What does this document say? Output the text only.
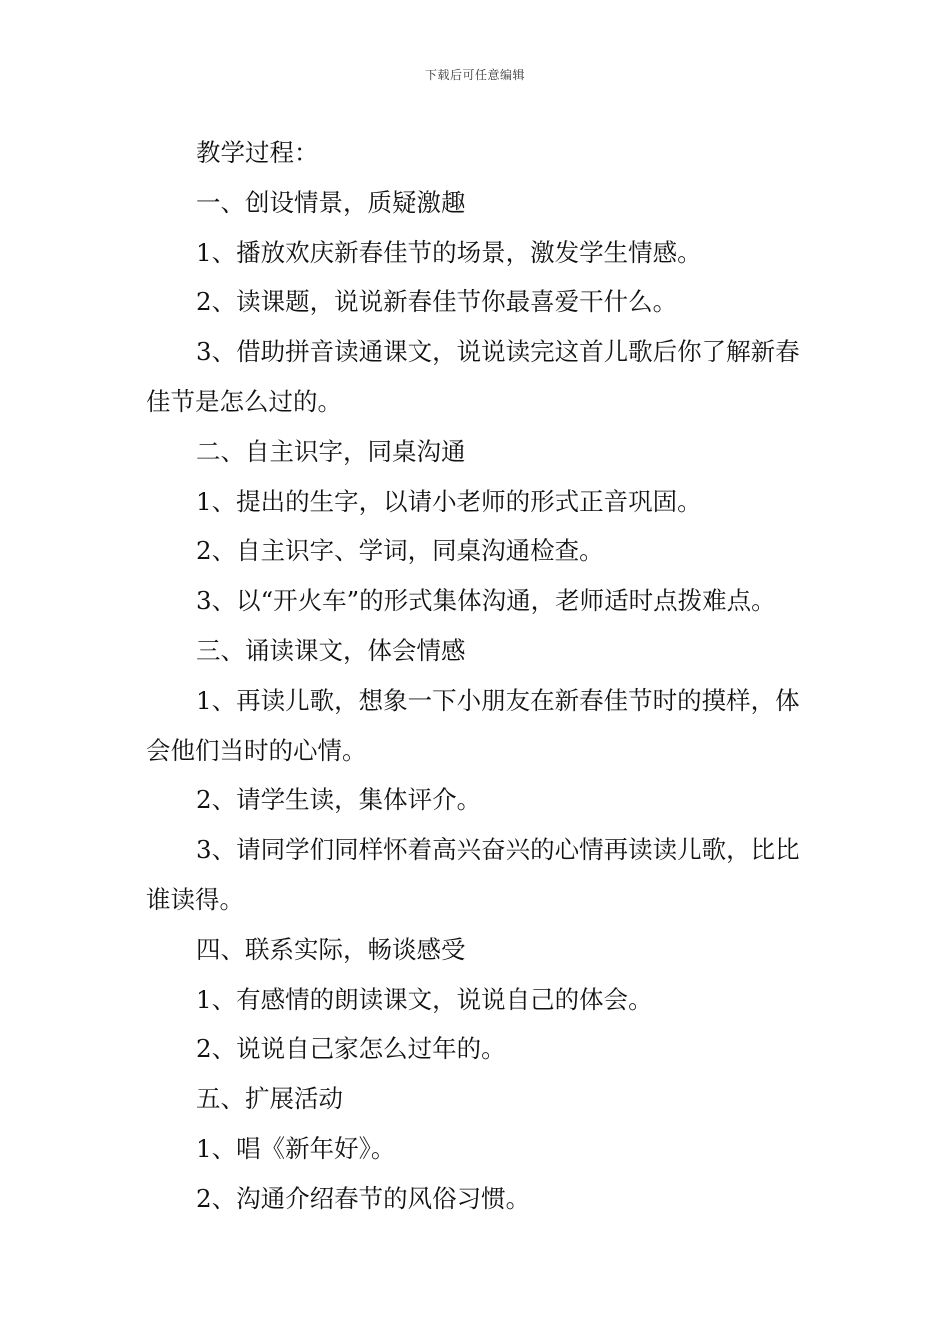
下载后可任意编辑

教学过程：

一、创设情景，质疑激趣

1、播放欢庆新春佳节的场景，激发学生情感。

2、读课题，说说新春佳节你最喜爱干什么。

3、借助拼音读通课文，说说读完这首儿歌后你了解新春佳节是怎么过的。

二、自主识字，同桌沟通

1、提出的生字，以请小老师的形式正音巩固。

2、自主识字、学词，同桌沟通检查。

3、以“开火车”的形式集体沟通，老师适时点拨难点。

三、诵读课文，体会情感

1、再读儿歌，想象一下小朋友在新春佳节时的摸样，体会他们当时的心情。

2、请学生读，集体评介。

3、请同学们同样怀着高兴奋兴的心情再读读儿歌，比比谁读得。

四、联系实际，畅谈感受

1、有感情的朗读课文，说说自己的体会。

2、说说自己家怎么过年的。

五、扩展活动

1、唱《新年好》。

2、沟通介绍春节的风俗习惯。
